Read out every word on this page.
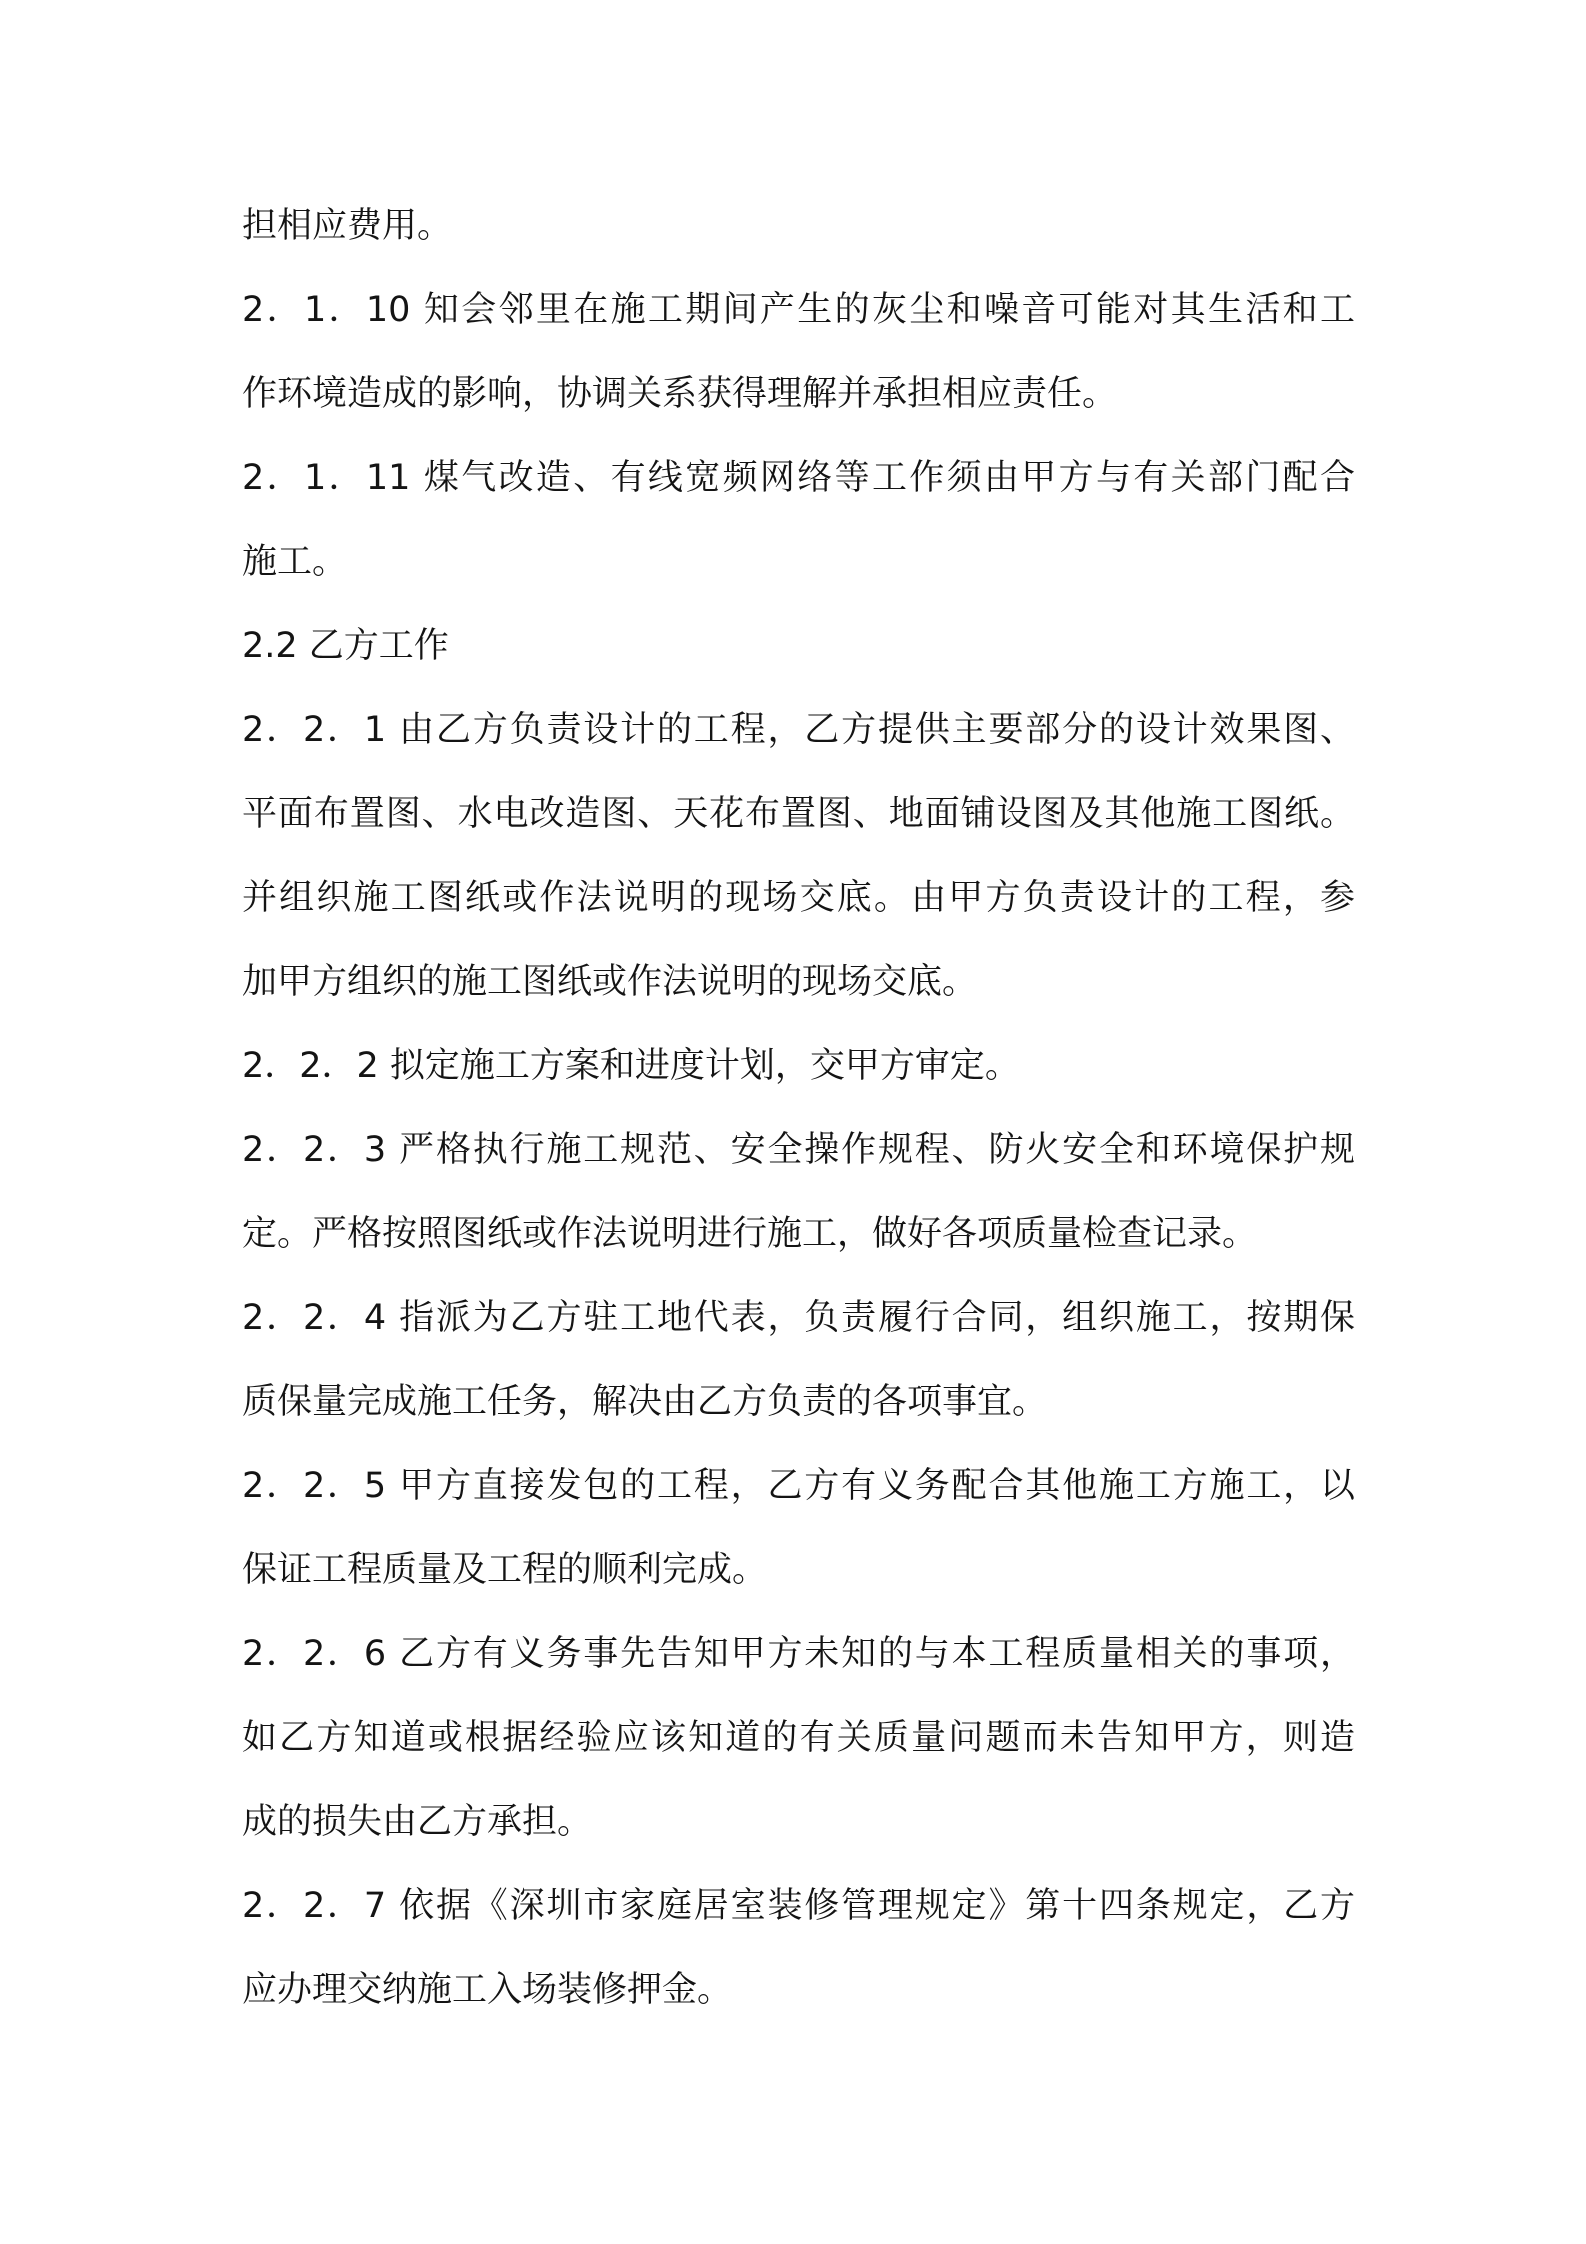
担相应费用。
2．1．10 知会邻里在施工期间产生的灰尘和噪音可能对其生活和工
作环境造成的影响，协调关系获得理解并承担相应责任。
2．1．11 煤气改造、有线宽频网络等工作须由甲方与有关部门配合
施工。
2.2 乙方工作
2．2．1 由乙方负责设计的工程，乙方提供主要部分的设计效果图、
平面布置图、水电改造图、天花布置图、地面铺设图及其他施工图纸。
并组织施工图纸或作法说明的现场交底。由甲方负责设计的工程，参
加甲方组织的施工图纸或作法说明的现场交底。
2．2．2 拟定施工方案和进度计划，交甲方审定。
2．2．3 严格执行施工规范、安全操作规程、防火安全和环境保护规
定。严格按照图纸或作法说明进行施工，做好各项质量检查记录。
2．2．4 指派为乙方驻工地代表，负责履行合同，组织施工，按期保
质保量完成施工任务，解决由乙方负责的各项事宜。
2．2．5 甲方直接发包的工程，乙方有义务配合其他施工方施工，以
保证工程质量及工程的顺利完成。
2．2．6 乙方有义务事先告知甲方未知的与本工程质量相关的事项，
如乙方知道或根据经验应该知道的有关质量问题而未告知甲方，则造
成的损失由乙方承担。
2．2．7 依据《深圳市家庭居室装修管理规定》第十四条规定，乙方
应办理交纳施工入场装修押金。
